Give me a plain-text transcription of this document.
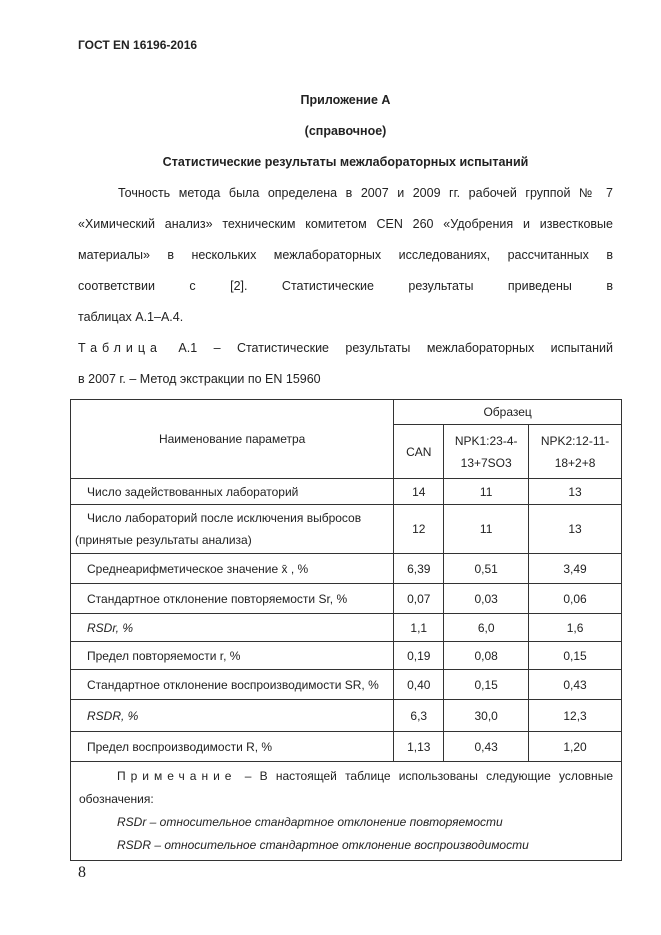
ГОСТ EN 16196-2016
Приложение А
(справочное)
Статистические результаты межлабораторных испытаний

Точность метода была определена в 2007 и 2009 гг. рабочей группой № 7

«Химический анализ» техническим комитетом CEN 260 «Удобрения и известковые

материалы» в нескольких межлабораторных исследованиях, рассчитанных в

соответствии с [2]. Статистические результаты приведены в

таблицах А.1–А.4.

Таблица А.1 – Статистические результаты межлабораторных испытаний

в 2007 г. – Метод экстракции по EN 15960

Наименование параметра	Образец		
	CAN	NPK1:23-4-13+7SO3	NPK2:12-11-18+2+8
Число задействованных лабораторий	14	11	13
Число лабораторий после исключения выбросов (принятые результаты анализа)	12	11	13
Среднеарифметическое значение x̄ , %	6,39	0,51	3,49
Стандартное отклонение повторяемости Sr, %	0,07	0,03	0,06
RSDr, %	1,1	6,0	1,6
Предел повторяемости r, %	0,19	0,08	0,15
Стандартное отклонение воспроизводимости SR, %	0,40	0,15	0,43
RSDR, %	6,3	30,0	12,3
Предел воспроизводимости R, %	1,13	0,43	1,20

Примечание – В настоящей таблице использованы следующие условные обозначения:
RSDr – относительное стандартное отклонение повторяемости
RSDR – относительное стандартное отклонение воспроизводимости			
8
